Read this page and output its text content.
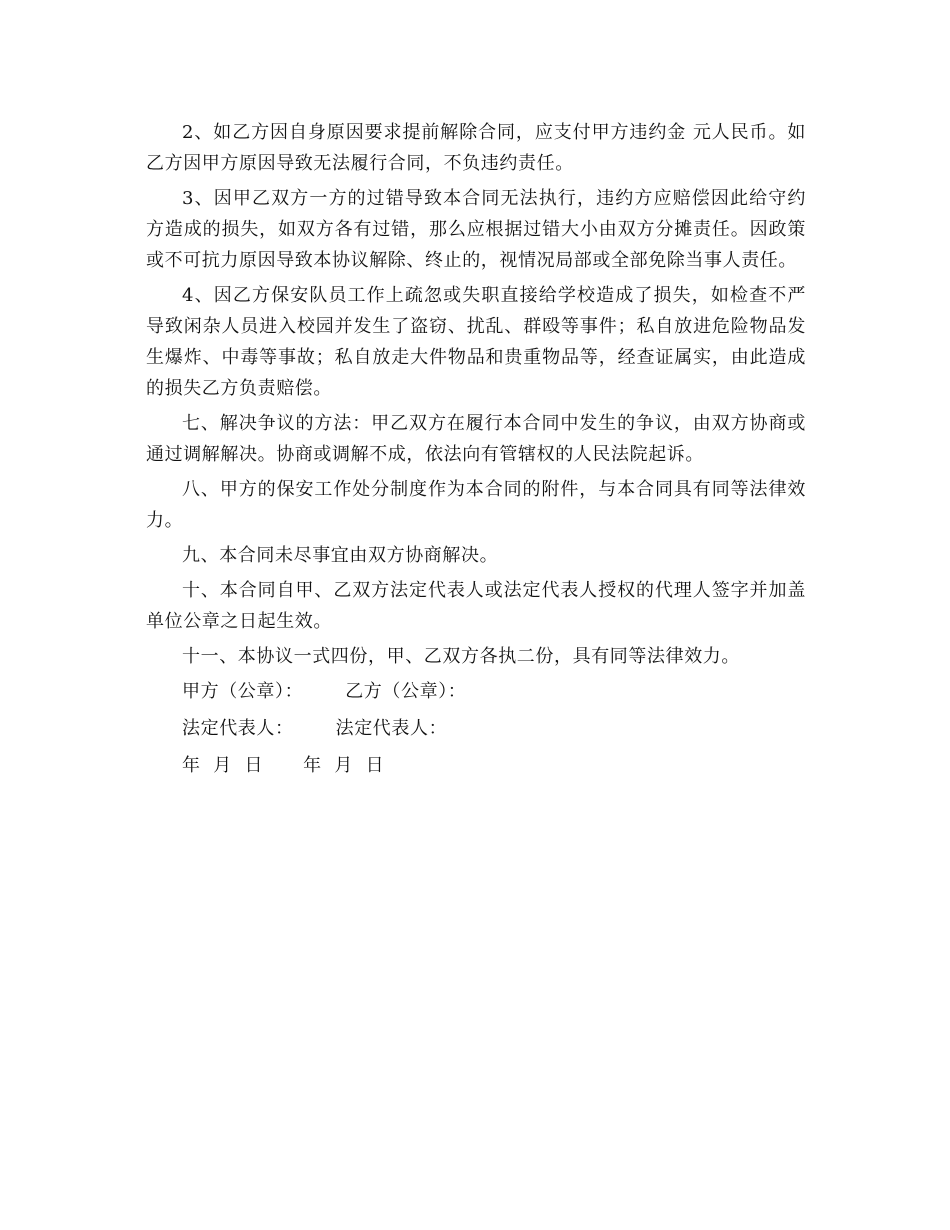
2、如乙方因自身原因要求提前解除合同，应支付甲方违约金 元人民币。如乙方因甲方原因导致无法履行合同，不负违约责任。

3、因甲乙双方一方的过错导致本合同无法执行，违约方应赔偿因此给守约方造成的损失，如双方各有过错，那么应根据过错大小由双方分摊责任。因政策或不可抗力原因导致本协议解除、终止的，视情况局部或全部免除当事人责任。

4、因乙方保安队员工作上疏忽或失职直接给学校造成了损失，如检查不严导致闲杂人员进入校园并发生了盗窃、扰乱、群殴等事件；私自放进危险物品发生爆炸、中毒等事故；私自放走大件物品和贵重物品等，经查证属实，由此造成的损失乙方负责赔偿。

七、解决争议的方法：甲乙双方在履行本合同中发生的争议，由双方协商或通过调解解决。协商或调解不成，依法向有管辖权的人民法院起诉。

八、甲方的保安工作处分制度作为本合同的附件，与本合同具有同等法律效力。

九、本合同未尽事宜由双方协商解决。

十、本合同自甲、乙双方法定代表人或法定代表人授权的代理人签字并加盖单位公章之日起生效。

十一、本协议一式四份，甲、乙双方各执二份，具有同等法律效力。

甲方（公章）： 乙方（公章）：
法定代表人： 法定代表人：
年  月  日 年  月  日
